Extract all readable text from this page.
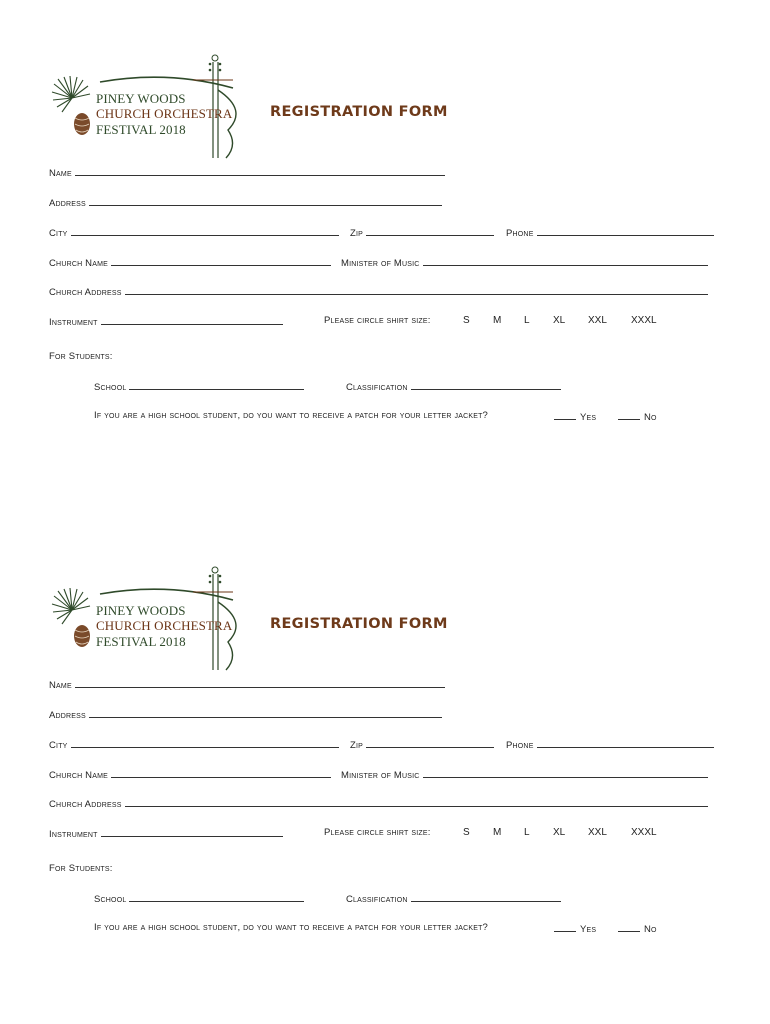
PINEY WOODS
CHURCH ORCHESTRA
FESTIVAL 2018
REGISTRATION FORM
Name
Address
City	Zip	Phone
Church Name	Minister of Music
Church Address
Instrument	Please circle shirt size:	S M L XL XXL XXXL
For Students:
School	Classification
If you are a high school student, do you want to receive a patch for your letter jacket?	Yes	No
PINEY WOODS
CHURCH ORCHESTRA
FESTIVAL 2018
REGISTRATION FORM
Name
Address
City	Zip	Phone
Church Name	Minister of Music
Church Address
Instrument	Please circle shirt size:	S M L XL XXL XXXL
For Students:
School	Classification
If you are a high school student, do you want to receive a patch for your letter jacket?	Yes	No
